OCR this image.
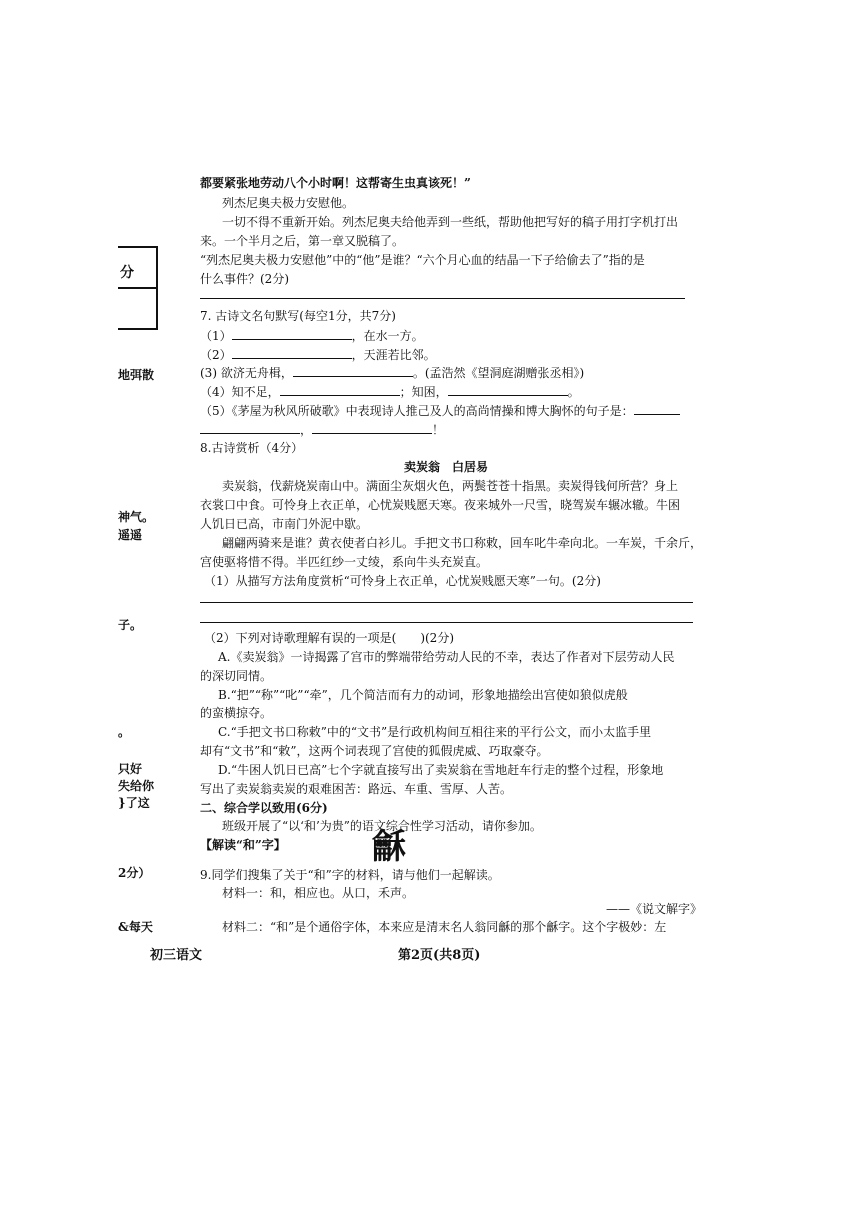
分
地弭散
神气。
遥遥
子。
。
只好
失给你
}了这
2分）
&每天
都要紧张地劳动八个小时啊！这帮寄生虫真该死！”
列杰尼奥夫极力安慰他。
一切不得不重新开始。列杰尼奥夫给他弄到一些纸，帮助他把写好的稿子用打字机打出
来。一个半月之后，第一章又脱稿了。
“列杰尼奥夫极力安慰他”中的“他”是谁？“六个月心血的结晶一下子给偷去了”指的是
什么事件？(2分)
7. 古诗文名句默写(每空1分，共7分)
（1）	，在水一方。
（2）	，天涯若比邻。
(3) 欲济无舟楫，	。(孟浩然《望洞庭湖赠张丞相》)
（4）知不足，	；知困，	。
（5）《茅屋为秋风所破歌》中表现诗人推己及人的高尚情操和博大胸怀的句子是：
，	！
8.古诗赏析（4分）
卖炭翁  白居易
卖炭翁，伐薪烧炭南山中。满面尘灰烟火色，两鬓苍苍十指黑。卖炭得钱何所营？身上
衣裳口中食。可怜身上衣正单，心忧炭贱愿天寒。夜来城外一尺雪，晓驾炭车辗冰辙。牛困
人饥日已高，市南门外泥中歇。
翩翩两骑来是谁？黄衣使者白衫儿。手把文书口称敕，回车叱牛牵向北。一车炭，千余斤，
宫使驱将惜不得。半匹红纱一丈绫，系向牛头充炭直。
（1）从描写方法角度赏析“可怜身上衣正单，心忧炭贱愿天寒”一句。(2分)
（2）下列对诗歌理解有误的一项是(　　)(2分)
A.《卖炭翁》一诗揭露了宫市的弊端带给劳动人民的不幸，表达了作者对下层劳动人民
的深切同情。
B.“把”“称”“叱”“牵”，几个简洁而有力的动词，形象地描绘出宫使如狼似虎般
的蛮横掠夺。
C.“手把文书口称敕”中的“文书”是行政机构间互相往来的平行公文，而小太监手里
却有“文书”和“敕”，这两个词表现了宫使的狐假虎威、巧取豪夺。
D.“牛困人饥日已高”七个字就直接写出了卖炭翁在雪地赶车行走的整个过程，形象地
写出了卖炭翁卖炭的艰难困苦：路远、车重、雪厚、人苦。
二、综合学以致用(6分)
班级开展了“以‘和’为贵”的语文综合性学习活动，请你参加。
【解读“和”字】	龢
9.同学们搜集了关于“和”字的材料，请与他们一起解读。
材料一：和，相应也。从口，禾声。
——《说文解字》
材料二：“和”是个通俗字体，本来应是清末名人翁同龢的那个龢字。这个字极妙：左
初三语文	第2页(共8页)
